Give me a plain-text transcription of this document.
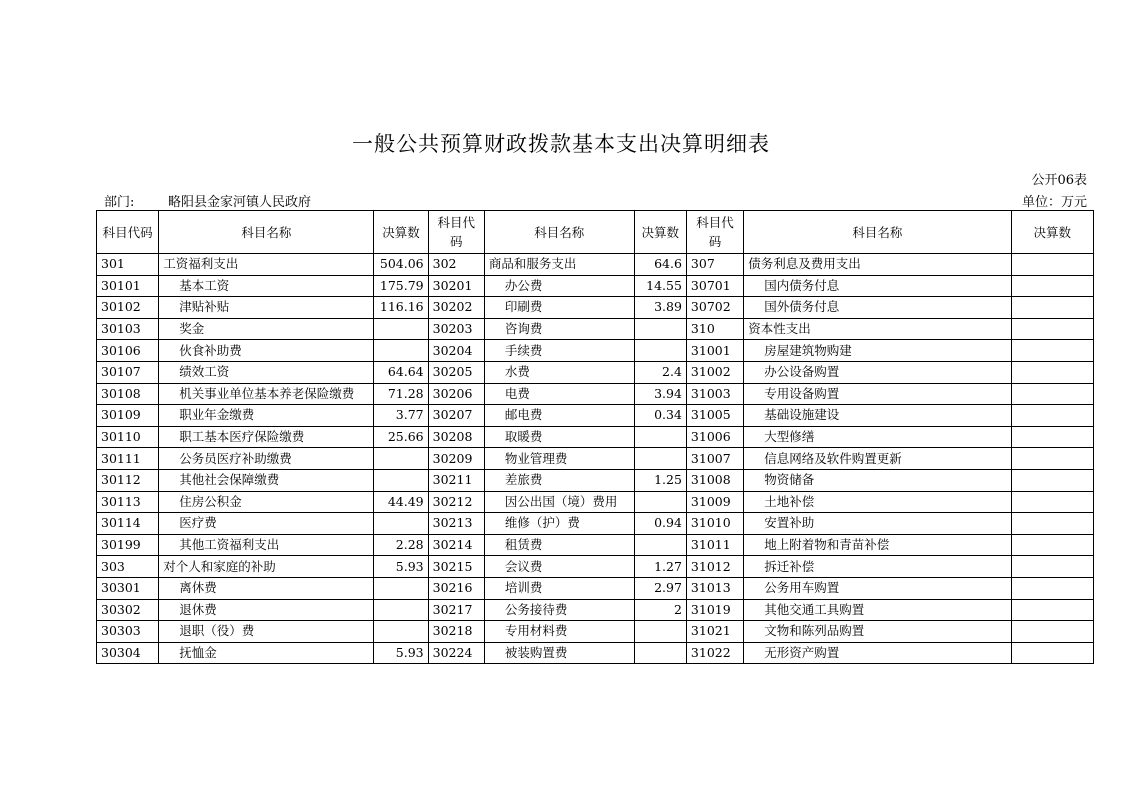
一般公共预算财政拨款基本支出决算明细表
公开06表
部门:	略阳县金家河镇人民政府	单位：万元
科目代码	科目名称	决算数	科目代码	科目名称	决算数	科目代码	科目名称	决算数
301	工资福利支出	504.06	302	商品和服务支出	64.6	307	债务利息及费用支出	
30101	基本工资	175.79	30201	办公费	14.55	30701	国内债务付息	
30102	津贴补贴	116.16	30202	印刷费	3.89	30702	国外债务付息	
30103	奖金		30203	咨询费		310	资本性支出	
30106	伙食补助费		30204	手续费		31001	房屋建筑物购建	
30107	绩效工资	64.64	30205	水费	2.4	31002	办公设备购置	
30108	机关事业单位基本养老保险缴费	71.28	30206	电费	3.94	31003	专用设备购置	
30109	职业年金缴费	3.77	30207	邮电费	0.34	31005	基础设施建设	
30110	职工基本医疗保险缴费	25.66	30208	取暖费		31006	大型修缮	
30111	公务员医疗补助缴费		30209	物业管理费		31007	信息网络及软件购置更新	
30112	其他社会保障缴费		30211	差旅费	1.25	31008	物资储备	
30113	住房公积金	44.49	30212	因公出国（境）费用		31009	土地补偿	
30114	医疗费		30213	维修（护）费	0.94	31010	安置补助	
30199	其他工资福利支出	2.28	30214	租赁费		31011	地上附着物和青苗补偿	
303	对个人和家庭的补助	5.93	30215	会议费	1.27	31012	拆迁补偿	
30301	离休费		30216	培训费	2.97	31013	公务用车购置	
30302	退休费		30217	公务接待费	2	31019	其他交通工具购置	
30303	退职（役）费		30218	专用材料费		31021	文物和陈列品购置	
30304	抚恤金	5.93	30224	被装购置费		31022	无形资产购置	
